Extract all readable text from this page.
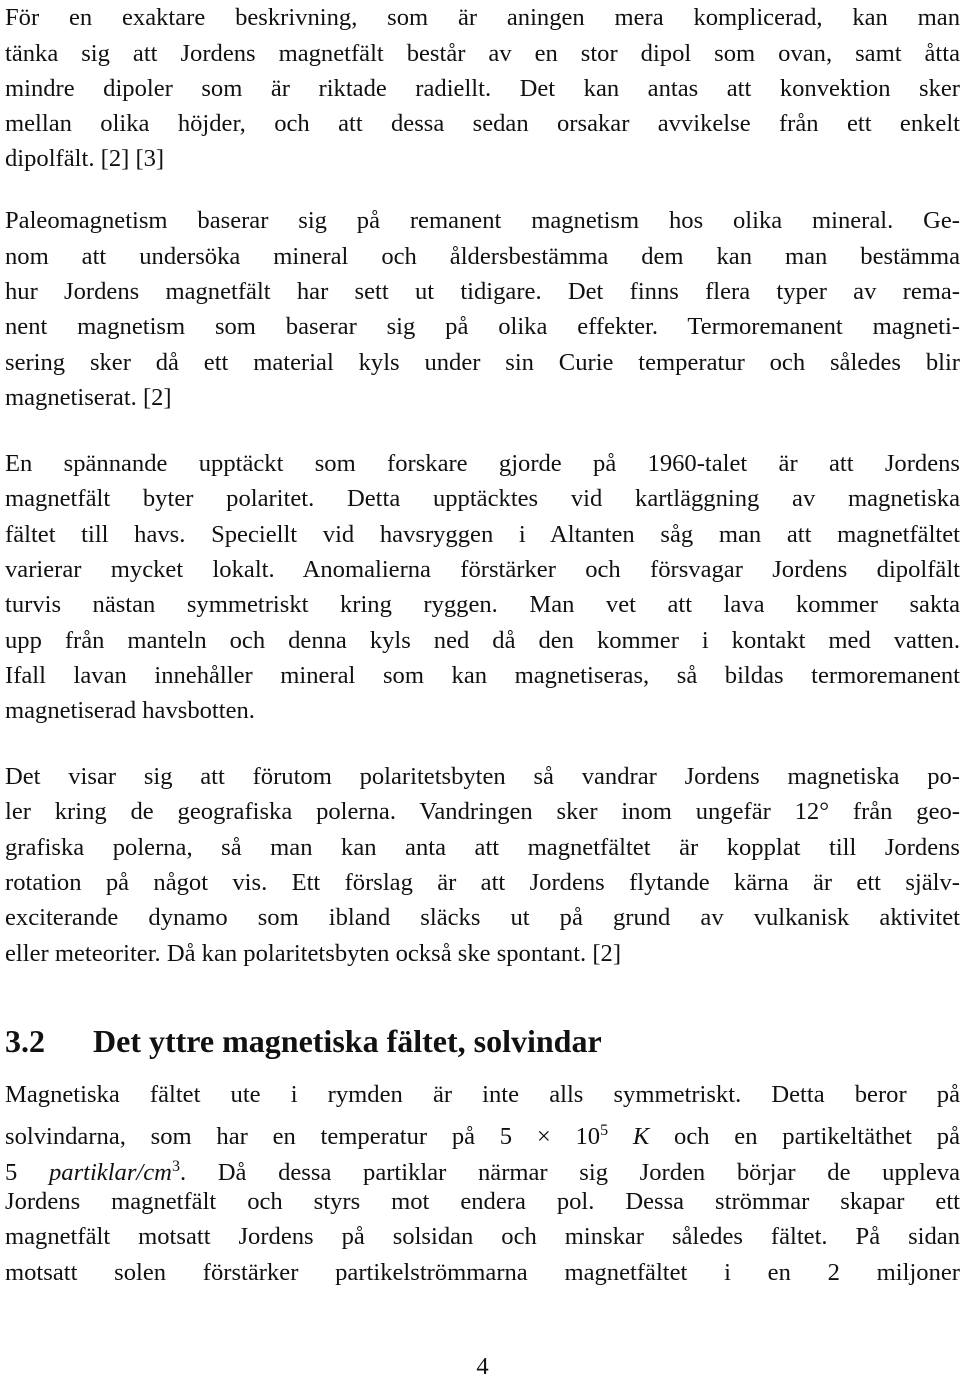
För en exaktare beskrivning, som är aningen mera komplicerad, kan man
tänka sig att Jordens magnetfält består av en stor dipol som ovan, samt åtta
mindre dipoler som är riktade radiellt. Det kan antas att konvektion sker
mellan olika höjder, och att dessa sedan orsakar avvikelse från ett enkelt
dipolfält. [2] [3]
Paleomagnetism baserar sig på remanent magnetism hos olika mineral. Ge-
nom att undersöka mineral och åldersbestämma dem kan man bestämma
hur Jordens magnetfält har sett ut tidigare. Det finns flera typer av rema-
nent magnetism som baserar sig på olika effekter. Termoremanent magneti-
sering sker då ett material kyls under sin Curie temperatur och således blir
magnetiserat. [2]
En spännande upptäckt som forskare gjorde på 1960-talet är att Jordens
magnetfält byter polaritet. Detta upptäcktes vid kartläggning av magnetiska
fältet till havs. Speciellt vid havsryggen i Altanten såg man att magnetfältet
varierar mycket lokalt. Anomalierna förstärker och försvagar Jordens dipolfält
turvis nästan symmetriskt kring ryggen. Man vet att lava kommer sakta
upp från manteln och denna kyls ned då den kommer i kontakt med vatten.
Ifall lavan innehåller mineral som kan magnetiseras, så bildas termoremanent
magnetiserad havsbotten.
Det visar sig att förutom polaritetsbyten så vandrar Jordens magnetiska po-
ler kring de geografiska polerna. Vandringen sker inom ungefär 12° från geo-
grafiska polerna, så man kan anta att magnetfältet är kopplat till Jordens
rotation på något vis. Ett förslag är att Jordens flytande kärna är ett själv-
exciterande dynamo som ibland släcks ut på grund av vulkanisk aktivitet
eller meteoriter. Då kan polaritetsbyten också ske spontant. [2]
3.2 Det yttre magnetiska fältet, solvindar
Magnetiska fältet ute i rymden är inte alls symmetriskt. Detta beror på
solvindarna, som har en temperatur på $5 \times 10^5$ K och en partikeltäthet på
5 partiklar/$cm^3$. Då dessa partiklar närmar sig Jorden börjar de uppleva
Jordens magnetfält och styrs mot endera pol. Dessa strömmar skapar ett
magnetfält motsatt Jordens på solsidan och minskar således fältet. På sidan
motsatt solen förstärker partikelströmmarna magnetfältet i en 2 miljoner
4
